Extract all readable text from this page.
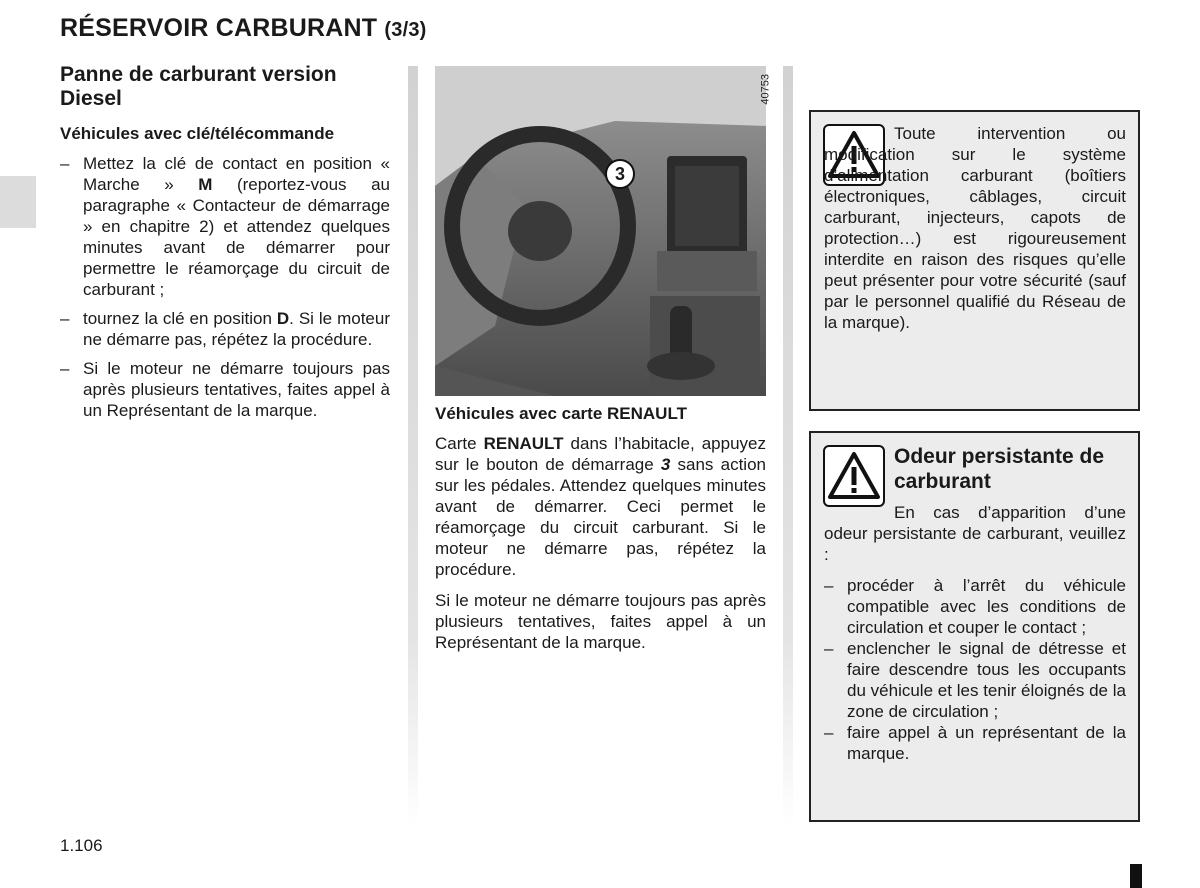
RÉSERVOIR CARBURANT (3/3)
Panne de carburant version Diesel
Véhicules avec clé/télécommande
– Mettez la clé de contact en position « Marche » M (reportez-vous au paragraphe « Contacteur de démarrage » en chapitre 2) et attendez quelques minutes avant de démarrer pour permettre le réamorçage du circuit de carburant ;
– tournez la clé en position D. Si le moteur ne démarre pas, répétez la procédure.
– Si le moteur ne démarre toujours pas après plusieurs tentatives, faites appel à un Représentant de la marque.
40753
3
Véhicules avec carte RENAULT

Carte RENAULT dans l’habitacle, appuyez sur le bouton de démarrage 3 sans action sur les pédales. Attendez quelques minutes avant de démarrer. Ceci permet le réamorçage du circuit carburant. Si le moteur ne démarre pas, répétez la procédure.

Si le moteur ne démarre toujours pas après plusieurs tentatives, faites appel à un Représentant de la marque.

Toute intervention ou modification sur le système d’alimentation carburant (boîtiers électroniques, câblages, circuit carburant, injecteurs, capots de protection…) est rigoureusement interdite en raison des risques qu’elle peut présenter pour votre sécurité (sauf par le personnel qualifié du Réseau de la marque).
Odeur persistante de carburant

En cas d’apparition d’une odeur persistante de carburant, veuillez :

– procéder à l’arrêt du véhicule compatible avec les conditions de circulation et couper le contact ;
– enclencher le signal de détresse et faire descendre tous les occupants du véhicule et les tenir éloignés de la zone de circulation ;
– faire appel à un représentant de la marque.
1.106
